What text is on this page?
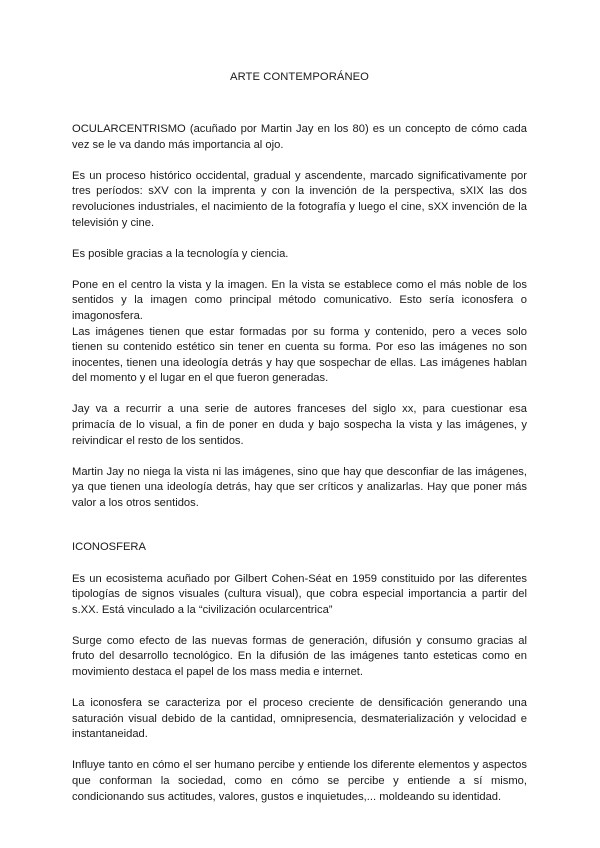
ARTE CONTEMPORÁNEO

OCULARCENTRISMO (acuñado por Martin Jay en los 80) es un concepto de cómo cada vez se le va dando más importancia al ojo.

Es un proceso histórico occidental, gradual y ascendente, marcado significativamente por tres períodos: sXV con la imprenta y con la invención de la perspectiva, sXIX las dos revoluciones industriales, el nacimiento de la fotografía y luego el cine, sXX invención de la televisión y cine.

Es posible gracias a la tecnología y ciencia.

Pone en el centro la vista y la imagen. En la vista se establece como el más noble de los sentidos y la imagen como principal método comunicativo. Esto sería iconosfera o imagonosfera.

Las imágenes tienen que estar formadas por su forma y contenido, pero a veces solo tienen su contenido estético sin tener en cuenta su forma. Por eso las imágenes no son inocentes, tienen una ideología detrás y hay que sospechar de ellas. Las imágenes hablan del momento y el lugar en el que fueron generadas.

Jay va a recurrir a una serie de autores franceses del siglo xx, para cuestionar esa primacía de lo visual, a fin de poner en duda y bajo sospecha la vista y las imágenes, y reivindicar el resto de los sentidos.

Martin Jay no niega la vista ni las imágenes, sino que hay que desconfiar de las imágenes, ya que tienen una ideología detrás, hay que ser críticos y analizarlas. Hay que poner más valor a los otros sentidos.

ICONOSFERA

Es un ecosistema acuñado por Gilbert Cohen-Séat en 1959 constituido por las diferentes tipologías de signos visuales (cultura visual), que cobra especial importancia a partir del s.XX. Está vinculado a la “civilización ocularcentrica”

Surge como efecto de las nuevas formas de generación, difusión y consumo gracias al fruto del desarrollo tecnológico. En la difusión de las imágenes tanto esteticas como en movimiento destaca el papel de los mass media e internet.

La iconosfera se caracteriza por el proceso creciente de densificación generando una saturación visual debido de la cantidad, omnipresencia, desmaterialización y velocidad e instantaneidad.

Influye tanto en cómo el ser humano percibe y entiende los diferente elementos y aspectos que conforman la sociedad, como en cómo se percibe y entiende a sí mismo, condicionando sus actitudes, valores, gustos e inquietudes,... moldeando su identidad.
